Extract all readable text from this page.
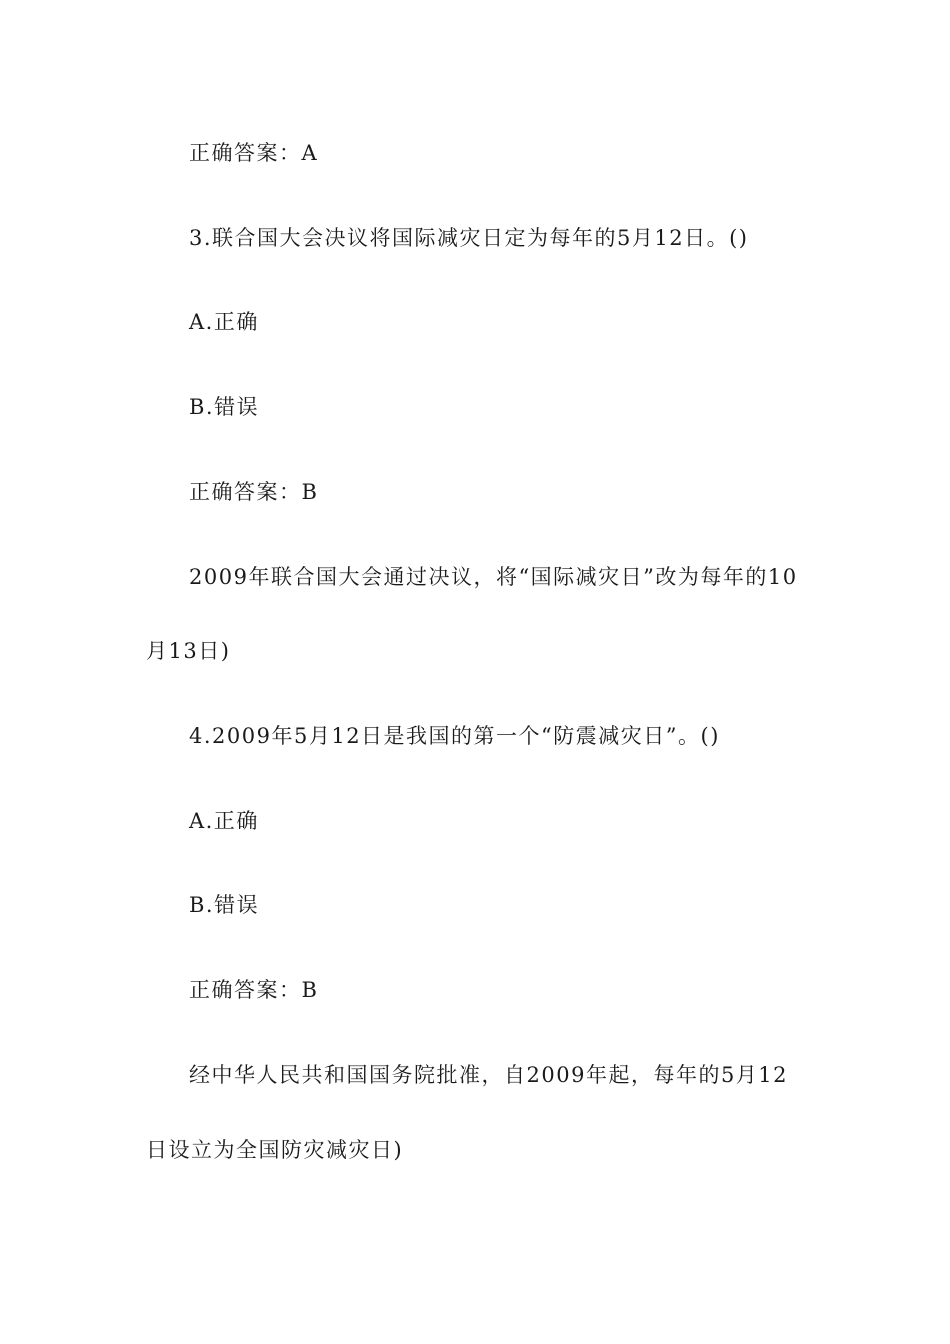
正确答案：A
3.联合国大会决议将国际减灾日定为每年的5月12日。()
A.正确
B.错误
正确答案：B
2009年联合国大会通过决议，将“国际减灾日”改为每年的10
月13日)
4.2009年5月12日是我国的第一个“防震减灾日”。()
A.正确
B.错误
正确答案：B
经中华人民共和国国务院批准，自2009年起，每年的5月12
日设立为全国防灾减灾日)
